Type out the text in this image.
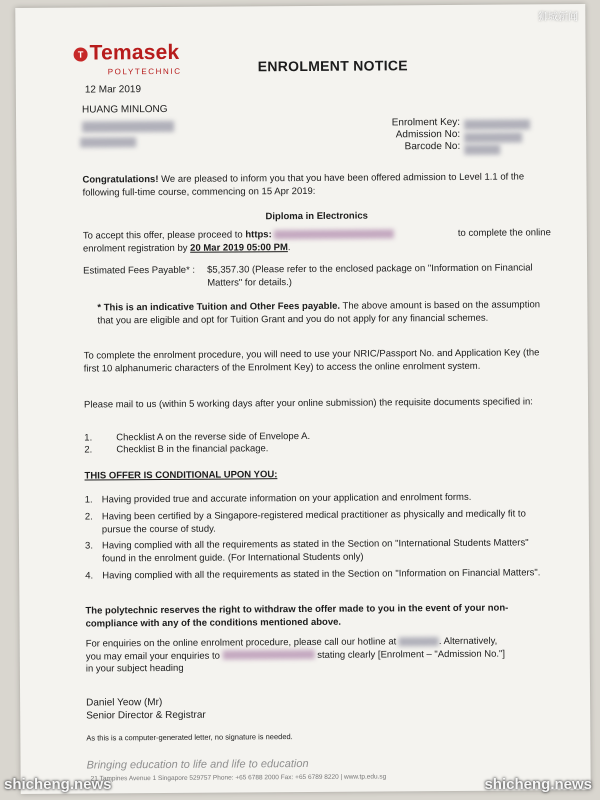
T Temasek
POLYTECHNIC	ENROLMENT NOTICE
12 Mar 2019
HUANG MINLONG
Enrolment Key:
Admission No:
Barcode No:
Congratulations! We are pleased to inform you that you have been offered admission to Level 1.1 of the following full-time course, commencing on 15 Apr 2019:
Diploma in Electronics
To accept this offer, please proceed to https:	to complete the online
enrolment registration by 20 Mar 2019 05:00 PM.
Estimated Fees Payable* :	$5,357.30 (Please refer to the enclosed package on "Information on Financial Matters" for details.)
* This is an indicative Tuition and Other Fees payable. The above amount is based on the assumption that you are eligible and opt for Tuition Grant and you do not apply for any financial schemes.
To complete the enrolment procedure, you will need to use your NRIC/Passport No. and Application Key (the first 10 alphanumeric characters of the Enrolment Key) to access the online enrolment system.
Please mail to us (within 5 working days after your online submission) the requisite documents specified in:
1.	Checklist A on the reverse side of Envelope A.
2.	Checklist B in the financial package.
THIS OFFER IS CONDITIONAL UPON YOU:
1. Having provided true and accurate information on your application and enrolment forms.
2. Having been certified by a Singapore-registered medical practitioner as physically and medically fit to pursue the course of study.
3. Having complied with all the requirements as stated in the Section on "International Students Matters" found in the enrolment guide. (For International Students only)
4. Having complied with all the requirements as stated in the Section on "Information on Financial Matters".
The polytechnic reserves the right to withdraw the offer made to you in the event of your non-compliance with any of the conditions mentioned above.
For enquiries on the online enrolment procedure, please call our hotline at	. Alternatively,
you may email your enquiries to	stating clearly [Enrolment – "Admission No."]
in your subject heading
Daniel Yeow (Mr)
Senior Director & Registrar
As this is a computer-generated letter, no signature is needed.
Bringing education to life and life to education
21 Tampines Avenue 1 Singapore 529757 Phone: +65 6788 2000 Fax: +65 6789 8220 | www.tp.edu.sg
狮城新闻
shicheng.news	shicheng.news
